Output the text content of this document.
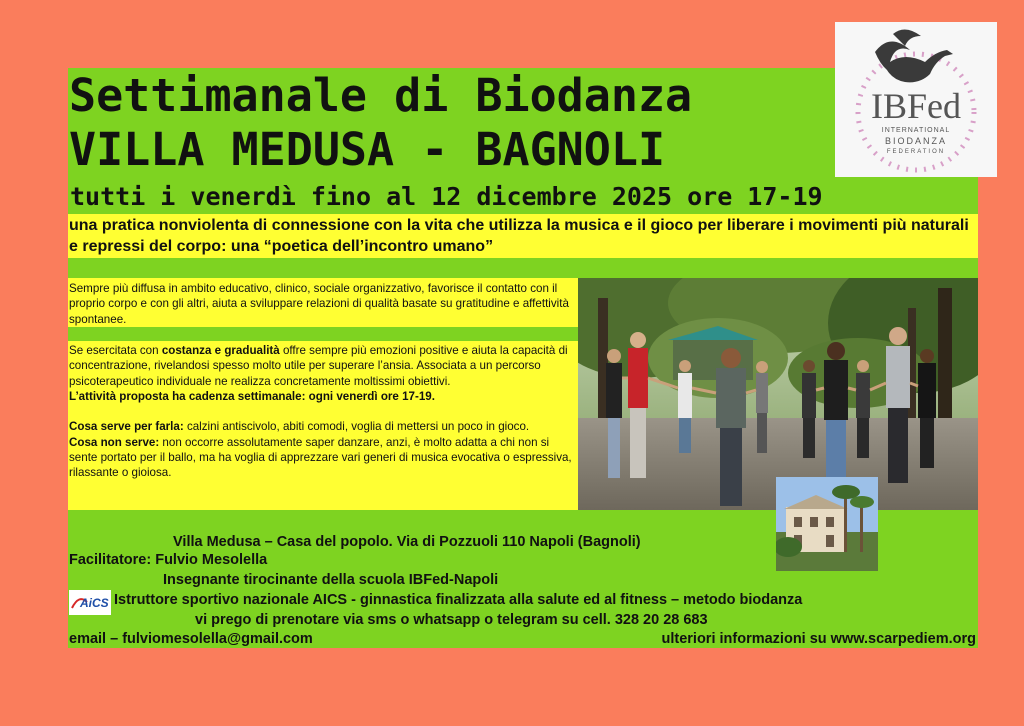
Settimanale di Biodanza
VILLA MEDUSA - BAGNOLI
tutti i venerdì fino al 12 dicembre 2025 ore 17-19
una pratica nonviolenta di connessione con la vita che utilizza la musica e il gioco per liberare i movimenti più naturali e repressi del corpo: una “poetica dell’incontro umano”
Sempre più diffusa in ambito educativo, clinico, sociale organizzativo, favorisce il contatto con il proprio corpo e con gli altri, aiuta a sviluppare relazioni di qualità basate su gratitudine e affettività spontanee.
Se esercitata con costanza e gradualità offre sempre più emozioni positive e aiuta la capacità di concentrazione, rivelandosi spesso molto utile per superare l’ansia. Associata a un percorso psicoterapeutico individuale ne realizza concretamente moltissimi obiettivi.
L’attività proposta ha cadenza settimanale: ogni venerdì ore 17-19.

Cosa serve per farla: calzini antiscivolo, abiti comodi, voglia di mettersi un poco in gioco.
Cosa non serve: non occorre assolutamente saper danzare, anzi, è molto adatta a chi non si sente portato per il ballo, ma ha voglia di apprezzare vari generi di musica evocativa o espressiva, rilassante o gioiosa.
Villa Medusa – Casa del popolo. Via di Pozzuoli 110 Napoli (Bagnoli)
Facilitatore: Fulvio Mesolella
Insegnante tirocinante della scuola IBFed-Napoli
AiCS Istruttore sportivo nazionale AICS - ginnastica finalizzata alla salute ed al fitness – metodo biodanza
vi prego di prenotare via sms o whatsapp o telegram su cell. 328 20 28 683
email – fulviomesolella@gmail.com	ulteriori informazioni su www.scarpediem.org
IBFed
INTERNATIONAL
BIODANZA
FEDERATION
